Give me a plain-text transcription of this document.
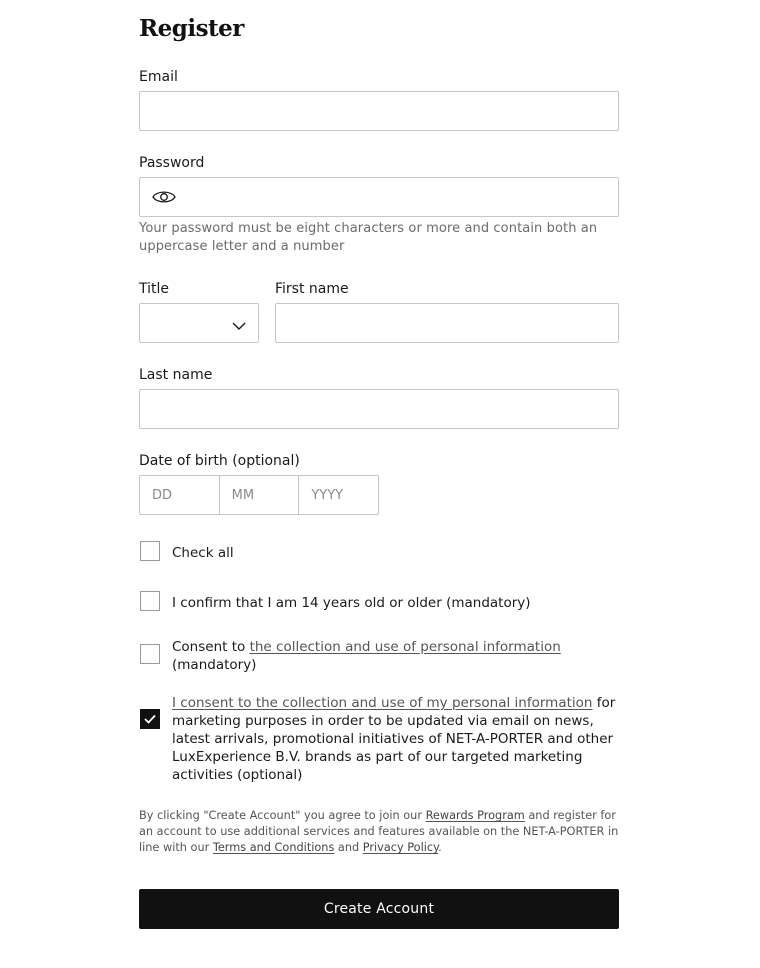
Register
Email
Password
Your password must be eight characters or more and contain both an uppercase letter and a number
Title	First name
Last name
Date of birth (optional)
DD
MM
YYYY
Check all
I confirm that I am 14 years old or older (mandatory)
Consent to the collection and use of personal information
(mandatory)
I consent to the collection and use of my personal information for marketing purposes in order to be updated via email on news, latest arrivals, promotional initiatives of NET-A-PORTER and other LuxExperience B.V. brands as part of our targeted marketing activities (optional)

By clicking "Create Account" you agree to join our Rewards Program and register for an account to use additional services and features available on the NET-A-PORTER in line with our Terms and Conditions and Privacy Policy.

Create Account
